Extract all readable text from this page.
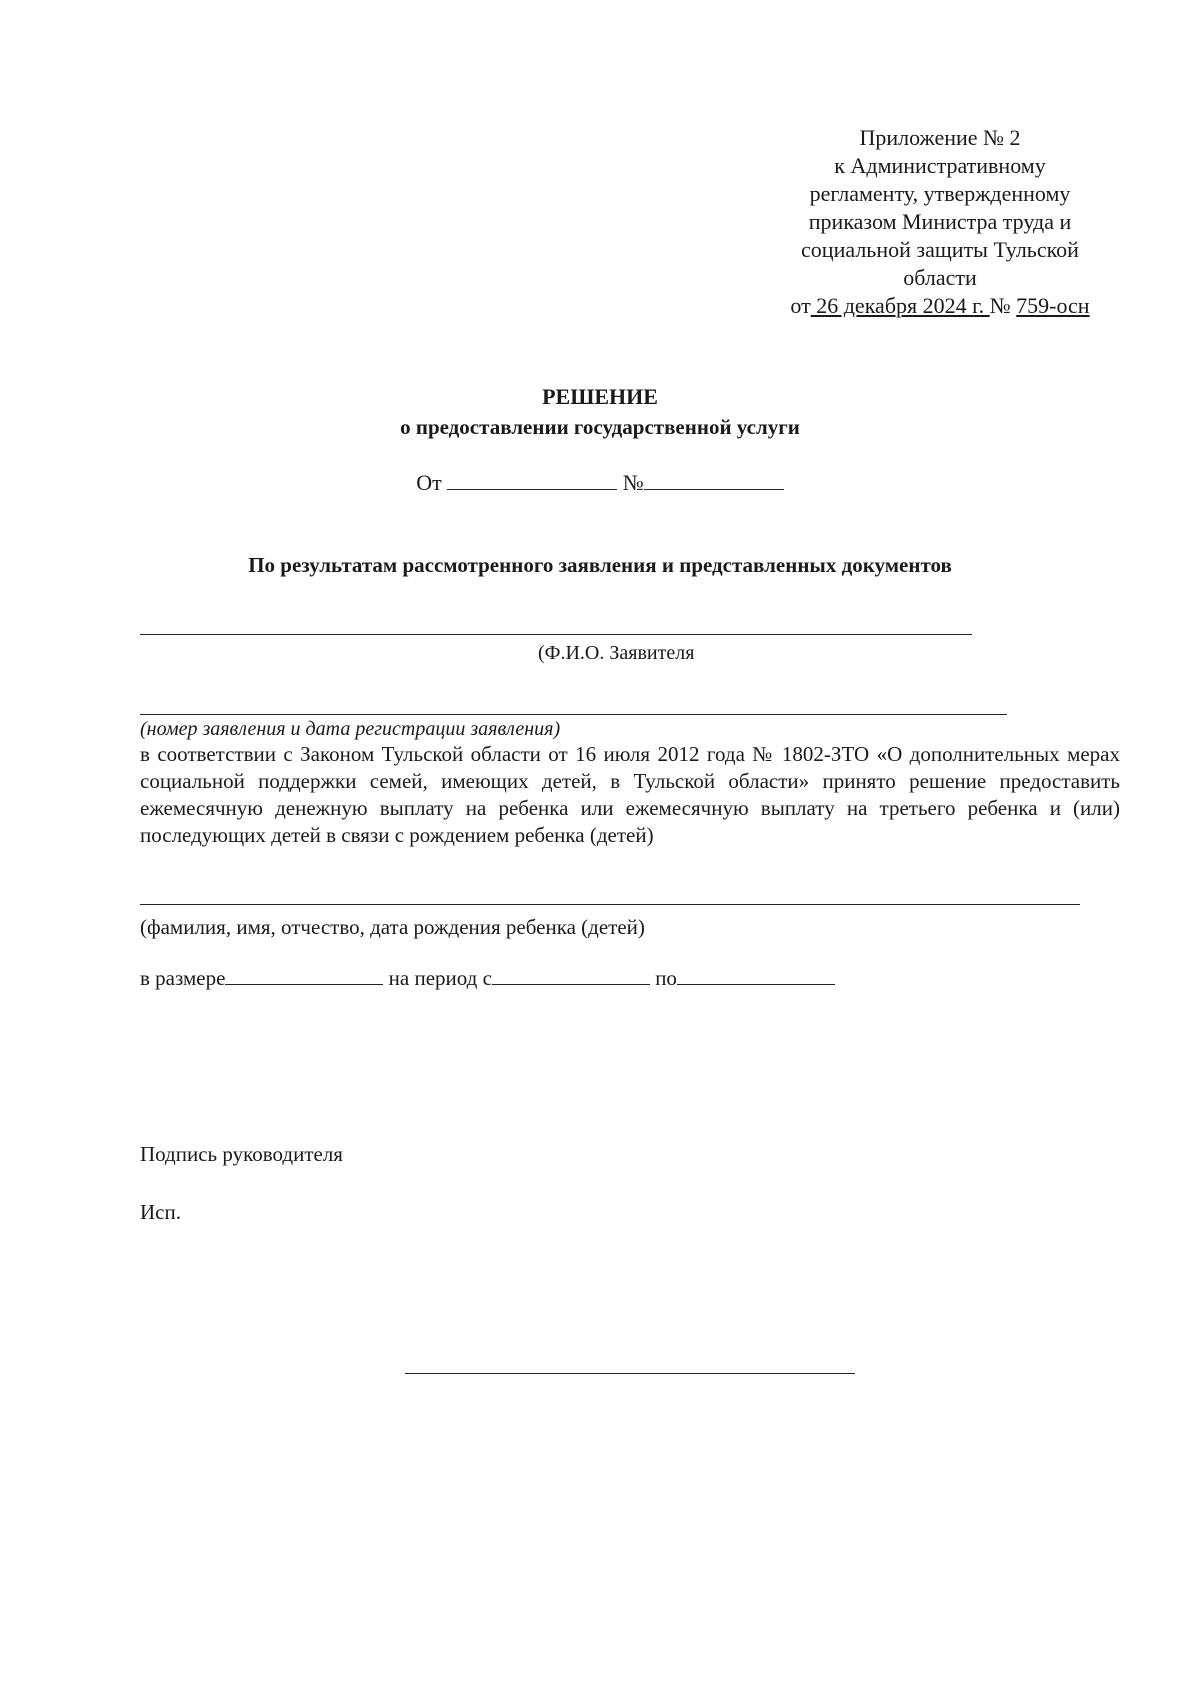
Приложение № 2
к Административному
регламенту, утвержденному
приказом Министра труда и
социальной защиты Тульской
области
от 26 декабря 2024 г. № 759-осн
РЕШЕНИЕ
о предоставлении государственной услуги
От	№
По результатам рассмотренного заявления и представленных документов
(Ф.И.О. Заявителя
(номер заявления и дата регистрации заявления)
в соответствии с Законом Тульской области от 16 июля 2012 года № 1802-ЗТО «О дополнительных мерах социальной поддержки семей, имеющих детей, в Тульской области» принято решение предоставить ежемесячную денежную выплату на ребенка или ежемесячную выплату на третьего ребенка и (или) последующих детей в связи с рождением ребенка (детей)
(фамилия, имя, отчество, дата рождения ребенка (детей)
в размере	на период с	по
Подпись руководителя
Исп.
